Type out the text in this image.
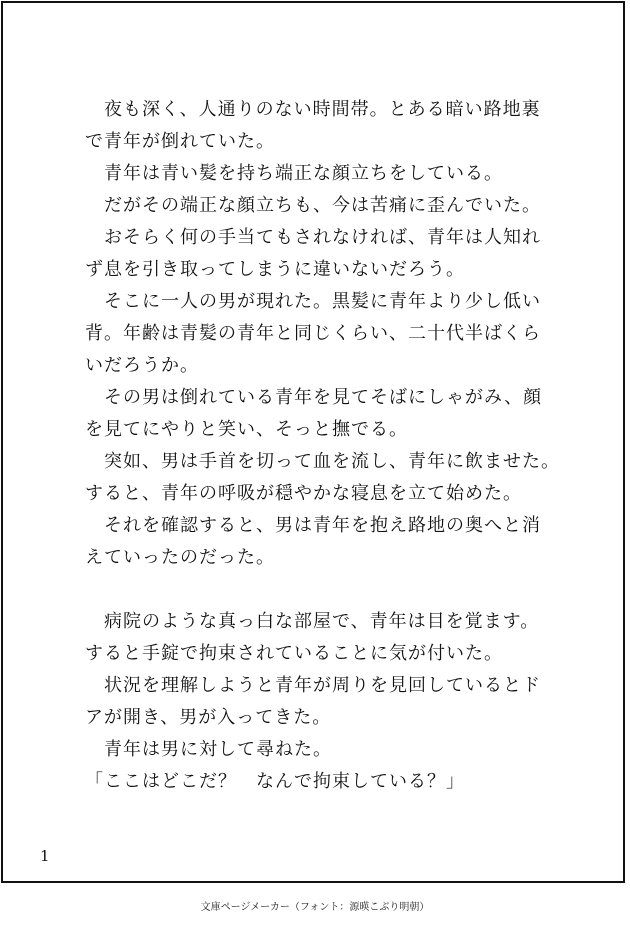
　夜も深く、人通りのない時間帯。とある暗い路地裏
で青年が倒れていた。
　青年は青い髪を持ち端正な顔立ちをしている。
　だがその端正な顔立ちも、今は苦痛に歪んでいた。
　おそらく何の手当てもされなければ、青年は人知れ
ず息を引き取ってしまうに違いないだろう。
　そこに一人の男が現れた。黒髪に青年より少し低い
背。年齢は青髪の青年と同じくらい、二十代半ばくら
いだろうか。
　その男は倒れている青年を見てそばにしゃがみ、顔
を見てにやりと笑い、そっと撫でる。
　突如、男は手首を切って血を流し、青年に飲ませた。
すると、青年の呼吸が穏やかな寝息を立て始めた。
　それを確認すると、男は青年を抱え路地の奥へと消
えていったのだった。
　病院のような真っ白な部屋で、青年は目を覚ます。
すると手錠で拘束されていることに気が付いた。
　状況を理解しようと青年が周りを見回しているとド
アが開き、男が入ってきた。
　青年は男に対して尋ねた。
「ここはどこだ？　なんで拘束している？」
1
文庫ページメーカー（フォント：源暎こぶり明朝）
